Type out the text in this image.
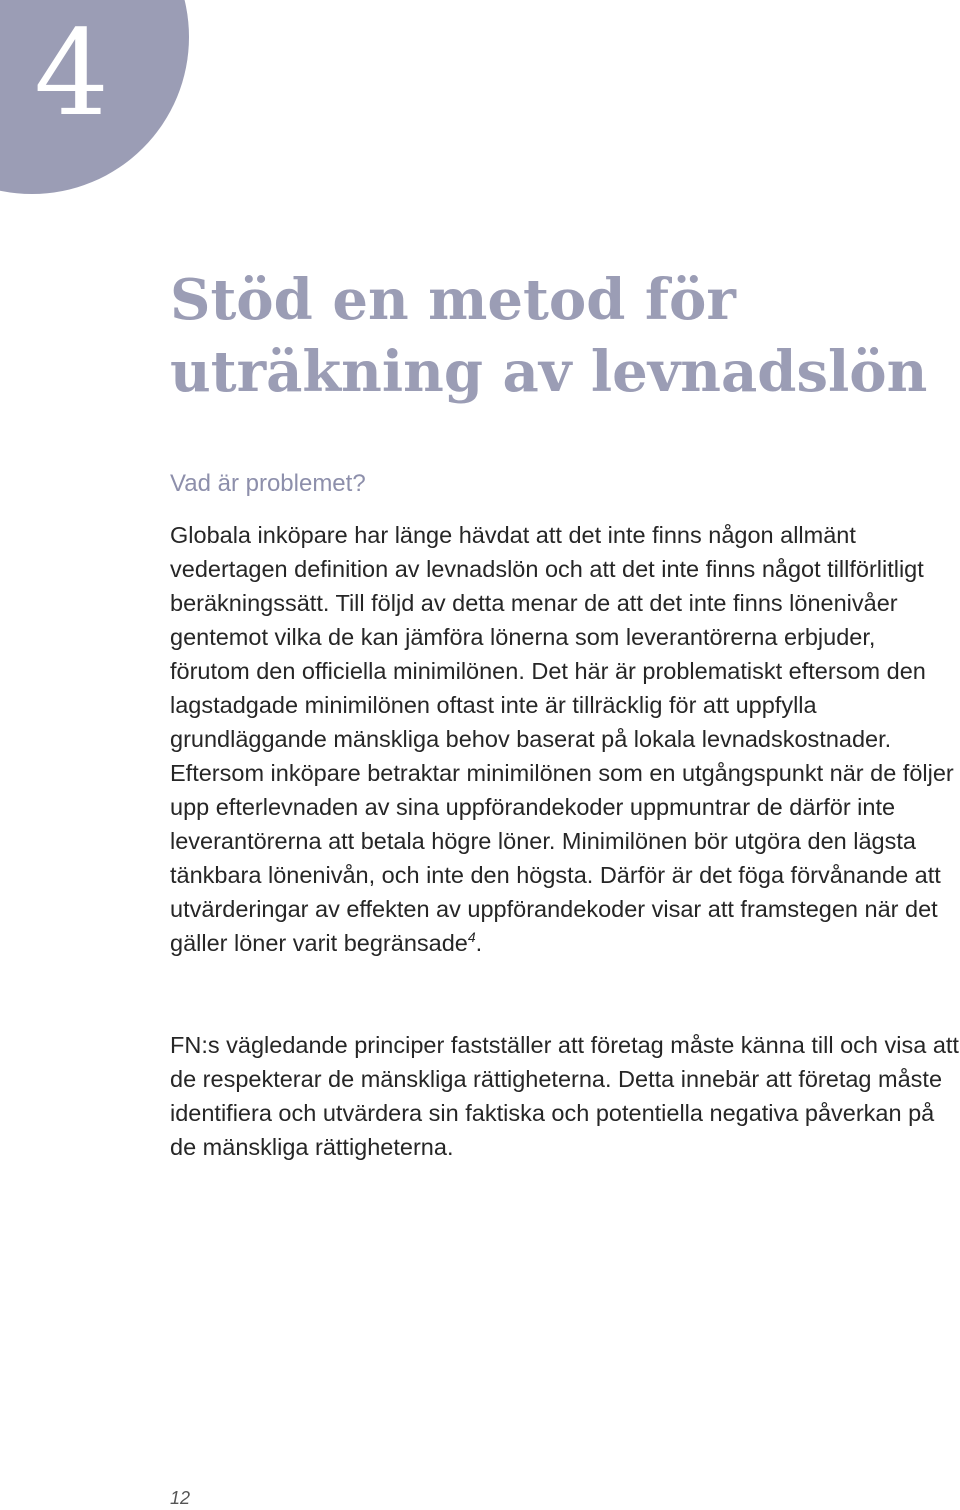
4
Stöd en metod för
uträkning av levnadslön
Vad är problemet?

Globala inköpare har länge hävdat att det inte finns någon allmänt vedertagen definition av levnadslön och att det inte finns något tillförlitligt beräkningssätt. Till följd av detta menar de att det inte finns lönenivåer gentemot vilka de kan jämföra lönerna som leverantörerna erbjuder, förutom den officiella minimilönen. Det här är problematiskt eftersom den lagstadgade minimilönen oftast inte är tillräcklig för att uppfylla grundläggande mänskliga behov baserat på lokala levnadskostnader. Eftersom inköpare betraktar minimilönen som en utgångspunkt när de följer upp efterlevnaden av sina uppförandekoder uppmuntrar de därför inte leverantörerna att betala högre löner. Minimilönen bör utgöra den lägsta tänkbara lönenivån, och inte den högsta. Därför är det föga förvånande att utvärderingar av effekten av uppförandekoder visar att framstegen när det gäller löner varit begränsade$^4$.

FN:s vägledande principer fastställer att företag måste känna till och visa att de respekterar de mänskliga rättigheterna. Detta innebär att företag måste identifiera och utvärdera sin faktiska och potentiella negativa påverkan på de mänskliga rättigheterna.

12
